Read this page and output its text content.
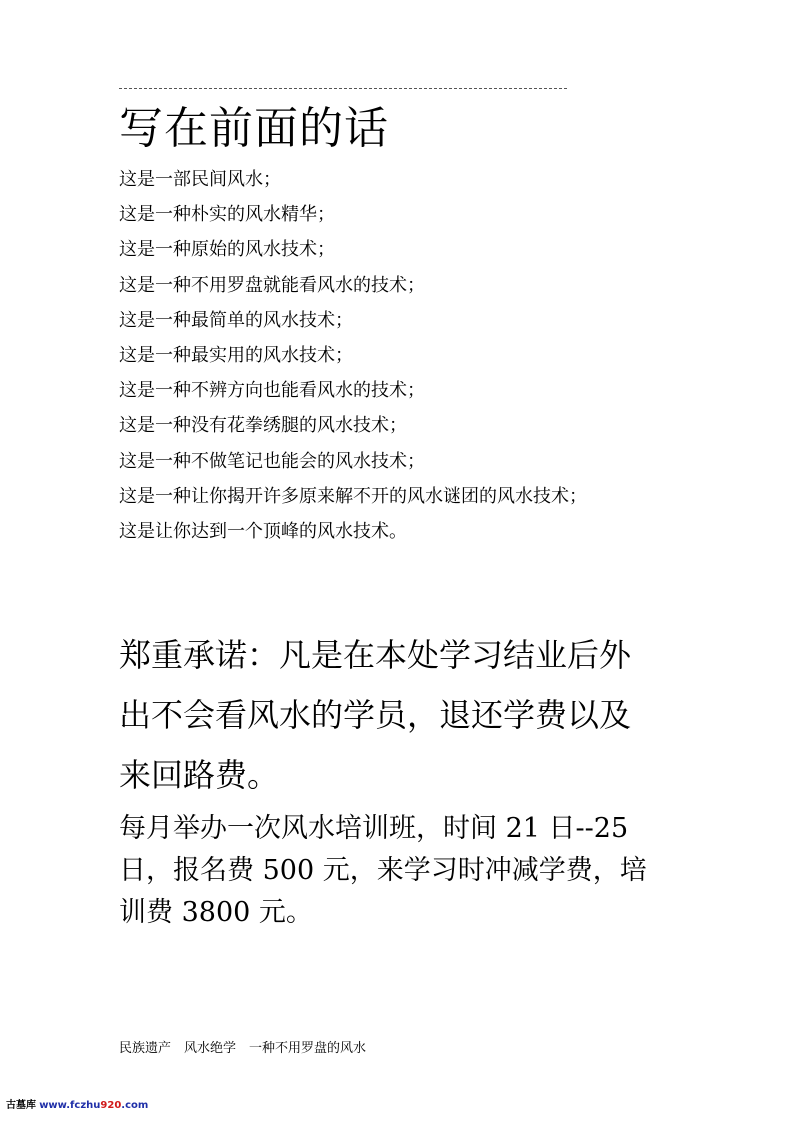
写在前面的话
这是一部民间风水；
这是一种朴实的风水精华；
这是一种原始的风水技术；
这是一种不用罗盘就能看风水的技术；
这是一种最简单的风水技术；
这是一种最实用的风水技术；
这是一种不辨方向也能看风水的技术；
这是一种没有花拳绣腿的风水技术；
这是一种不做笔记也能会的风水技术；
这是一种让你揭开许多原来解不开的风水谜团的风水技术；
这是让你达到一个顶峰的风水技术。

郑重承诺：凡是在本处学习结业后外
出不会看风水的学员，退还学费以及
来回路费。

每月举办一次风水培训班，时间 21 日--25
日，报名费 500 元，来学习时冲减学费，培
训费 3800 元。

民族遗产　风水绝学　一种不用罗盘的风水
古墓库 www.fczhu920.com
